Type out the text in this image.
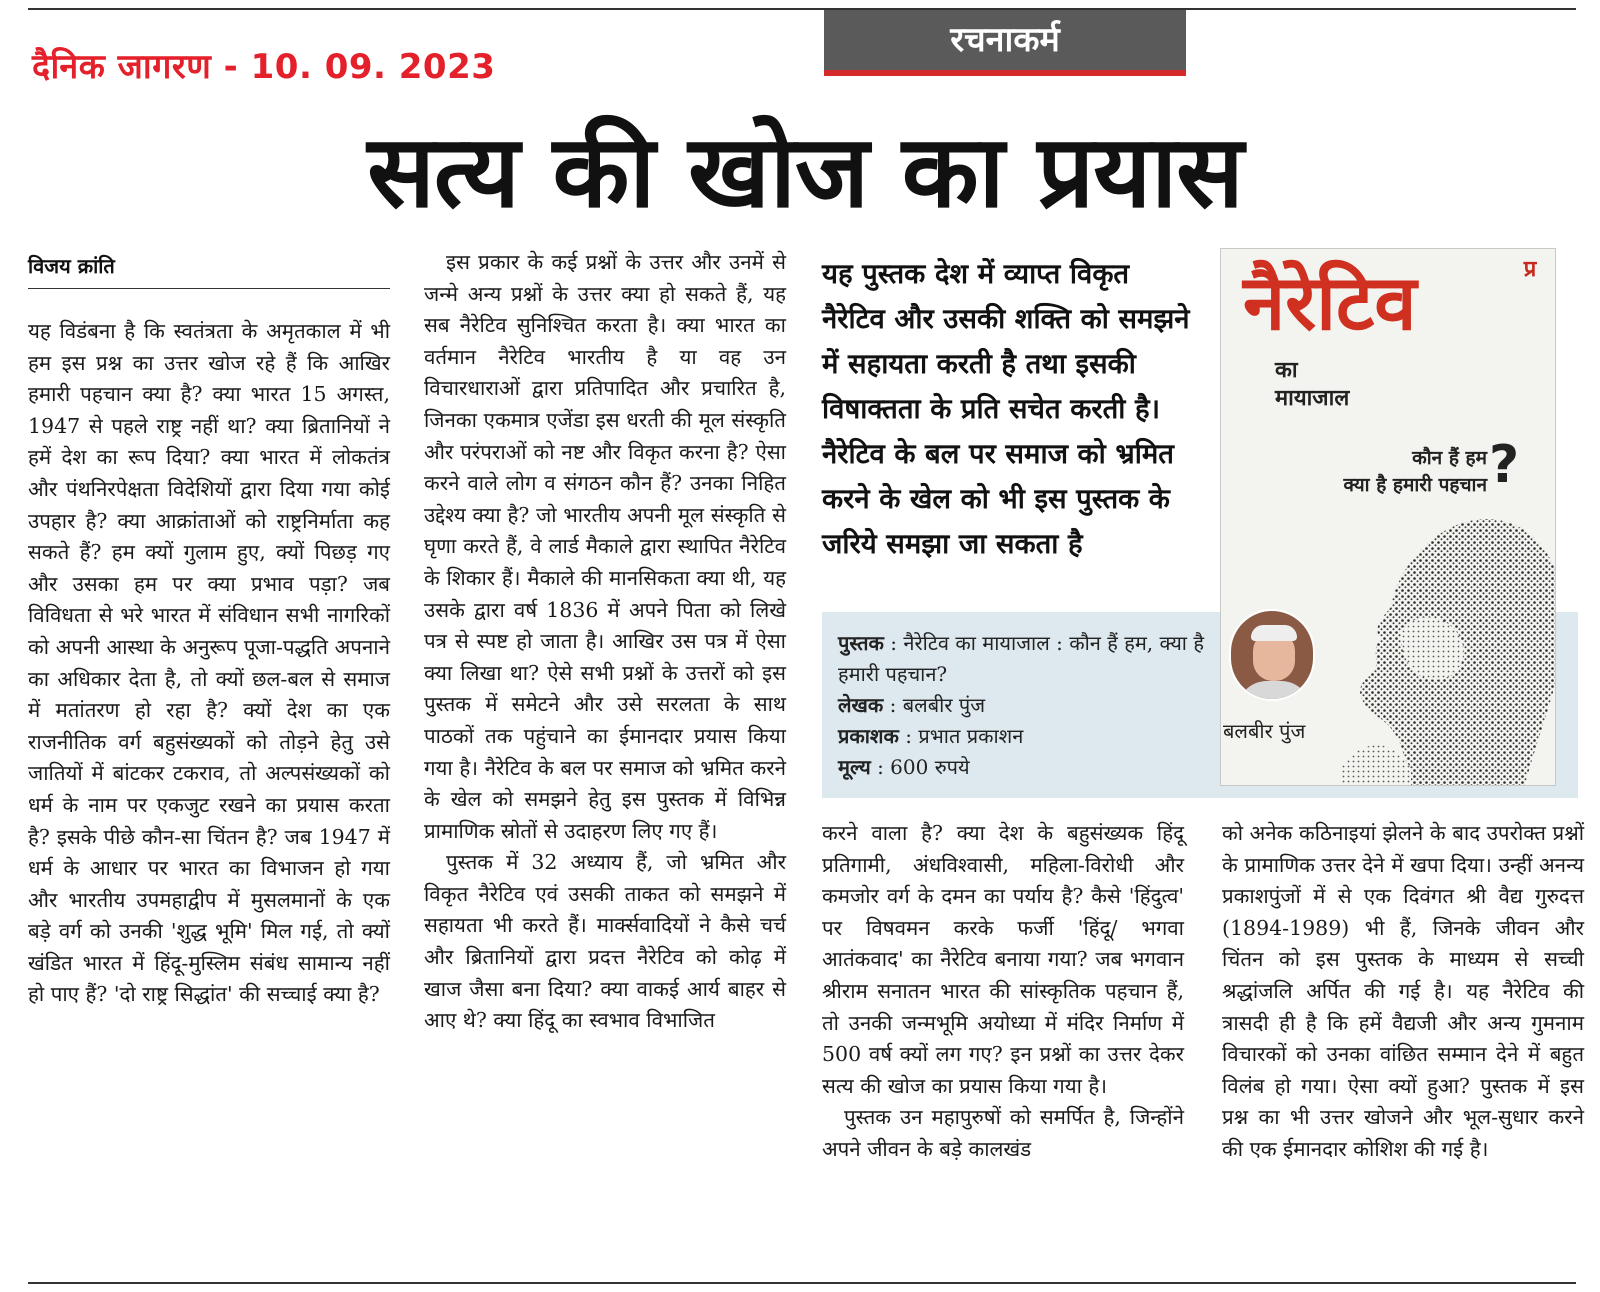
दैनिक जागरण - 10. 09. 2023
रचनाकर्म
सत्य की खोज का प्रयास
विजय क्रांति

यह विडंबना है कि स्वतंत्रता के अमृतकाल में भी हम इस प्रश्न का उत्तर खोज रहे हैं कि आखिर हमारी पहचान क्या है? क्या भारत 15 अगस्त, 1947 से पहले राष्ट्र नहीं था? क्या ब्रितानियों ने हमें देश का रूप दिया? क्या भारत में लोकतंत्र और पंथनिरपेक्षता विदेशियों द्वारा दिया गया कोई उपहार है? क्या आक्रांताओं को राष्ट्रनिर्माता कह सकते हैं? हम क्यों गुलाम हुए, क्यों पिछड़ गए और उसका हम पर क्या प्रभाव पड़ा? जब विविधता से भरे भारत में संविधान सभी नागरिकों को अपनी आस्था के अनुरूप पूजा-पद्धति अपनाने का अधिकार देता है, तो क्यों छल-बल से समाज में मतांतरण हो रहा है? क्यों देश का एक राजनीतिक वर्ग बहुसंख्यकों को तोड़ने हेतु उसे जातियों में बांटकर टकराव, तो अल्पसंख्यकों को धर्म के नाम पर एकजुट रखने का प्रयास करता है? इसके पीछे कौन-सा चिंतन है? जब 1947 में धर्म के आधार पर भारत का विभाजन हो गया और भारतीय उपमहाद्वीप में मुसलमानों के एक बड़े वर्ग को उनकी 'शुद्ध भूमि' मिल गई, तो क्यों खंडित भारत में हिंदू-मुस्लिम संबंध सामान्य नहीं हो पाए हैं? 'दो राष्ट्र सिद्धांत' की सच्चाई क्या है?

इस प्रकार के कई प्रश्नों के उत्तर और उनमें से जन्मे अन्य प्रश्नों के उत्तर क्या हो सकते हैं, यह सब नैरेटिव सुनिश्चित करता है। क्या भारत का वर्तमान नैरेटिव भारतीय है या वह उन विचारधाराओं द्वारा प्रतिपादित और प्रचारित है, जिनका एकमात्र एजेंडा इस धरती की मूल संस्कृति और परंपराओं को नष्ट और विकृत करना है? ऐसा करने वाले लोग व संगठन कौन हैं? उनका निहित उद्देश्य क्या है? जो भारतीय अपनी मूल संस्कृति से घृणा करते हैं, वे लार्ड मैकाले द्वारा स्थापित नैरेटिव के शिकार हैं। मैकाले की मानसिकता क्या थी, यह उसके द्वारा वर्ष 1836 में अपने पिता को लिखे पत्र से स्पष्ट हो जाता है। आखिर उस पत्र में ऐसा क्या लिखा था? ऐसे सभी प्रश्नों के उत्तरों को इस पुस्तक में समेटने और उसे सरलता के साथ पाठकों तक पहुंचाने का ईमानदार प्रयास किया गया है। नैरेटिव के बल पर समाज को भ्रमित करने के खेल को समझने हेतु इस पुस्तक में विभिन्न प्रामाणिक स्रोतों से उदाहरण लिए गए हैं।

पुस्तक में 32 अध्याय हैं, जो भ्रमित और विकृत नैरेटिव एवं उसकी ताकत को समझने में सहायता भी करते हैं। मार्क्सवादियों ने कैसे चर्च और ब्रितानियों द्वारा प्रदत्त नैरेटिव को कोढ़ में खाज जैसा बना दिया? क्या वाकई आर्य बाहर से आए थे? क्या हिंदू का स्वभाव विभाजित

यह पुस्तक देश में व्याप्त विकृत नैरेटिव और उसकी शक्ति को समझने में सहायता करती है तथा इसकी विषाक्तता के प्रति सचेत करती है। नैरेटिव के बल पर समाज को भ्रमित करने के खेल को भी इस पुस्तक के जरिये समझा जा सकता है
पुस्तक : नैरेटिव का मायाजाल : कौन हैं हम, क्या है हमारी पहचान?
लेखक : बलबीर पुंज
प्रकाशक : प्रभात प्रकाशन
मूल्य : 600 रुपये
प्र
नैरेटिव
का
मायाजाल
कौन हैं हम
क्या है हमारी पहचान ?
बलबीर पुंज

करने वाला है? क्या देश के बहुसंख्यक हिंदू प्रतिगामी, अंधविश्वासी, महिला-विरोधी और कमजोर वर्ग के दमन का पर्याय है? कैसे 'हिंदुत्व' पर विषवमन करके फर्जी 'हिंदू/ भगवा आतंकवाद' का नैरेटिव बनाया गया? जब भगवान श्रीराम सनातन भारत की सांस्कृतिक पहचान हैं, तो उनकी जन्मभूमि अयोध्या में मंदिर निर्माण में 500 वर्ष क्यों लग गए? इन प्रश्नों का उत्तर देकर सत्य की खोज का प्रयास किया गया है।

पुस्तक उन महापुरुषों को समर्पित है, जिन्होंने अपने जीवन के बड़े कालखंड

को अनेक कठिनाइयां झेलने के बाद उपरोक्त प्रश्नों के प्रामाणिक उत्तर देने में खपा दिया। उन्हीं अनन्य प्रकाशपुंजों में से एक दिवंगत श्री वैद्य गुरुदत्त (1894-1989) भी हैं, जिनके जीवन और चिंतन को इस पुस्तक के माध्यम से सच्ची श्रद्धांजलि अर्पित की गई है। यह नैरेटिव की त्रासदी ही है कि हमें वैद्यजी और अन्य गुमनाम विचारकों को उनका वांछित सम्मान देने में बहुत विलंब हो गया। ऐसा क्यों हुआ? पुस्तक में इस प्रश्न का भी उत्तर खोजने और भूल-सुधार करने की एक ईमानदार कोशिश की गई है।
